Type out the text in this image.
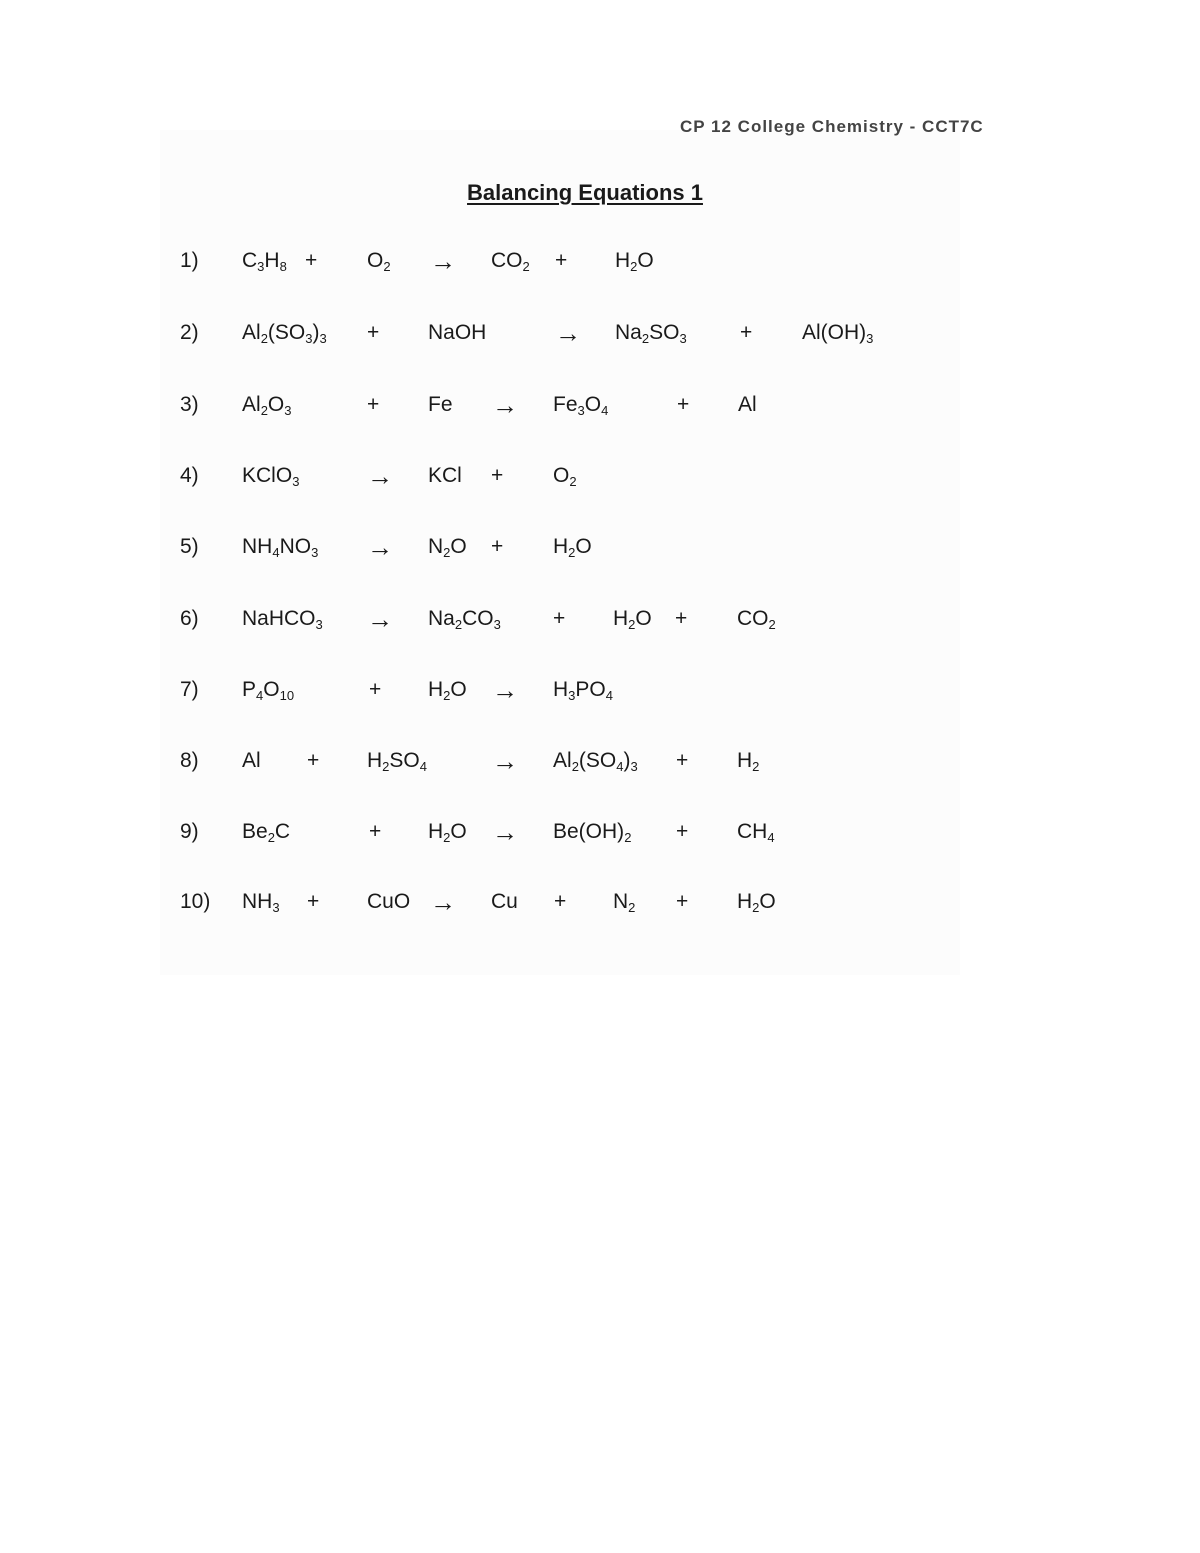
CP 12 College Chemistry - CCT7C
Balancing Equations 1
1) $C_3H_8 + O_2 \to CO_2 + H_2O$
2) $Al_2(SO_3)_3$ + NaOH	→ $Na_2SO_3$	+ $Al(OH)_3$
3) $Al_2O_3$	+ $Fe \to Fe_3O_4$	+ Al
4) KClO$_3$	→ KCl + $O_2$
5) $NH_4NO_3 \to N_2O + H_2O$
6) NaHCO$_3$ → $Na_2CO_3 + H_2O + CO_2$
7) $P_4O_{10}$	+ $H_2O \to H_3PO_4$
8) $Al + H_2SO_4$	→ $Al_2(SO_4)_3 + H_2$
9) $Be_2C$	+ $H_2O \to Be(OH)_2 + CH_4$
10) $NH_3$ + CuO → $Cu + N_2 + H_2O$
